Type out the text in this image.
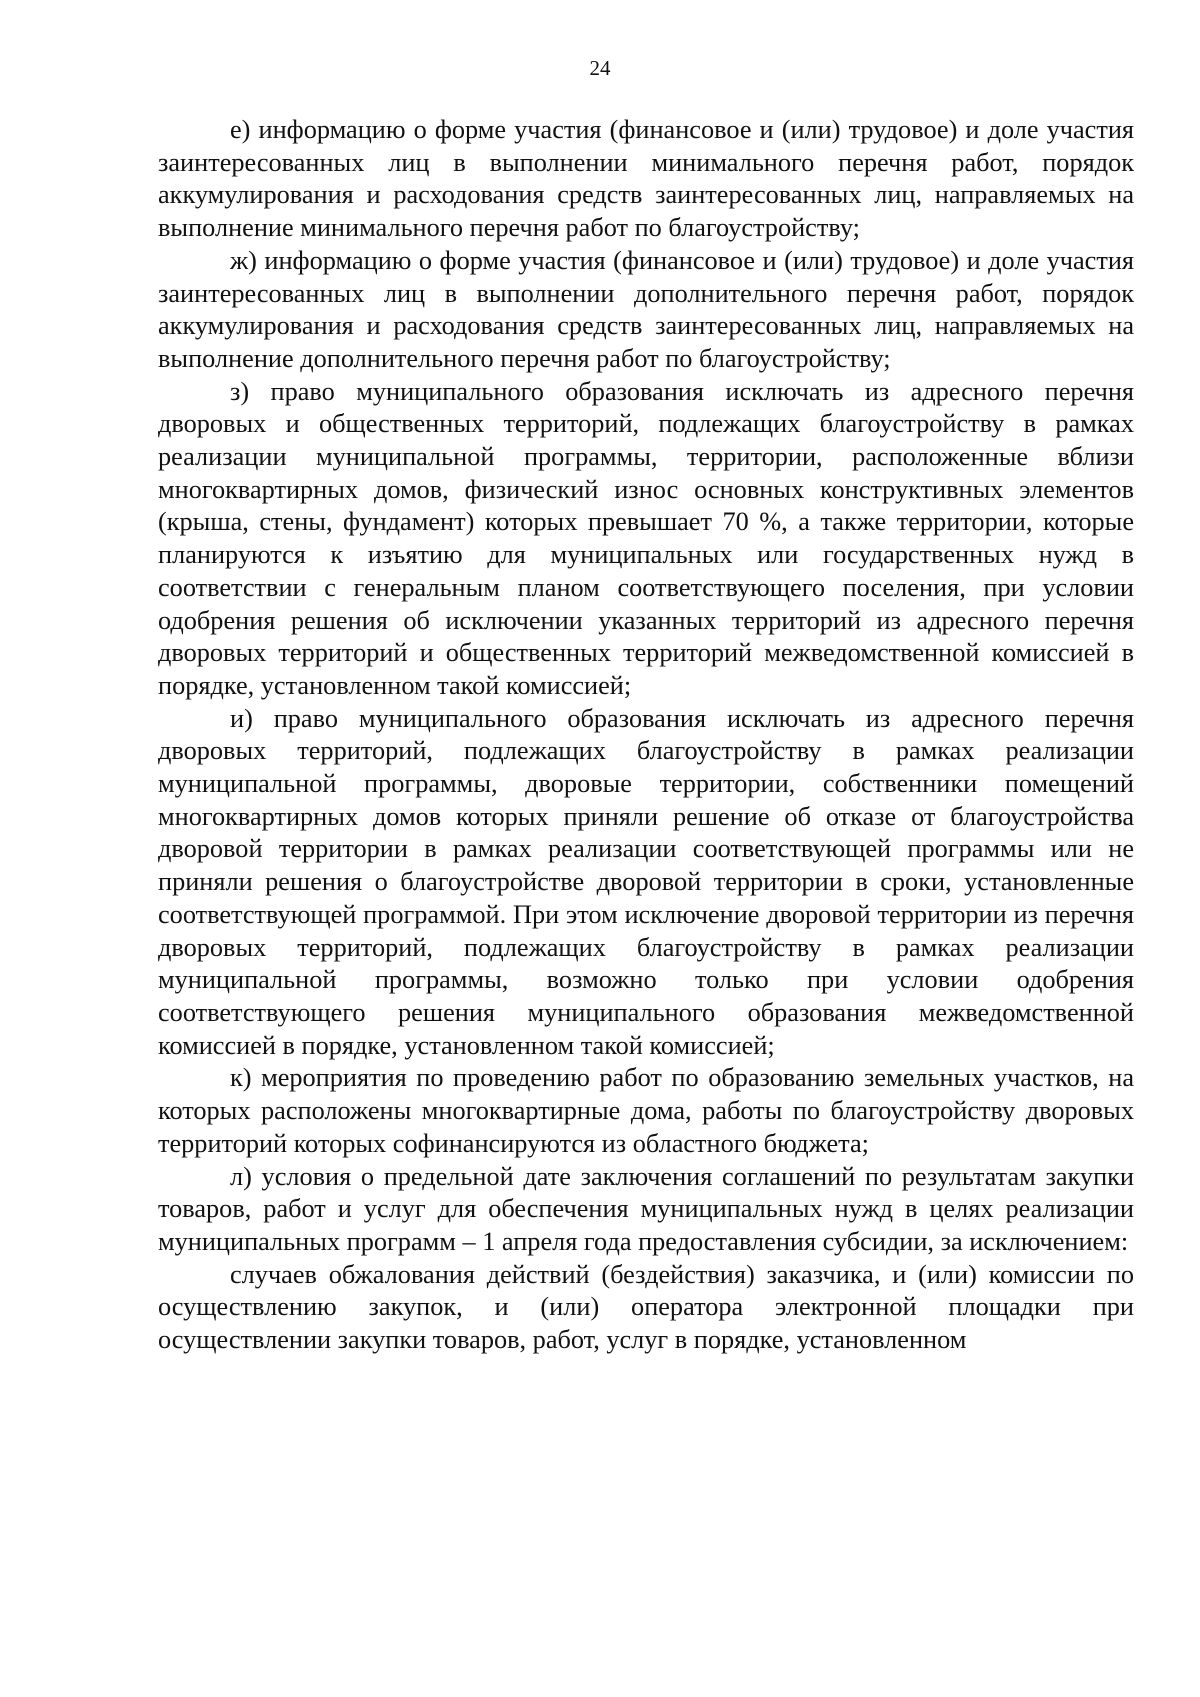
24

е) информацию о форме участия (финансовое и (или) трудовое) и доле участия заинтересованных лиц в выполнении минимального перечня работ, порядок аккумулирования и расходования средств заинтересованных лиц, направляемых на выполнение минимального перечня работ по благоустройству;

ж) информацию о форме участия (финансовое и (или) трудовое) и доле участия заинтересованных лиц в выполнении дополнительного перечня работ, порядок аккумулирования и расходования средств заинтересованных лиц, направляемых на выполнение дополнительного перечня работ по благоустройству;

з) право муниципального образования исключать из адресного перечня дворовых и общественных территорий, подлежащих благоустройству в рамках реализации муниципальной программы, территории, расположенные вблизи многоквартирных домов, физический износ основных конструктивных элементов (крыша, стены, фундамент) которых превышает 70 %, а также территории, которые планируются к изъятию для муниципальных или государственных нужд в соответствии с генеральным планом соответствующего поселения, при условии одобрения решения об исключении указанных территорий из адресного перечня дворовых территорий и общественных территорий межведомственной комиссией в порядке, установленном такой комиссией;

и) право муниципального образования исключать из адресного перечня дворовых территорий, подлежащих благоустройству в рамках реализации муниципальной программы, дворовые территории, собственники помещений многоквартирных домов которых приняли решение об отказе от благоустройства дворовой территории в рамках реализации соответствующей программы или не приняли решения о благоустройстве дворовой территории в сроки, установленные соответствующей программой. При этом исключение дворовой территории из перечня дворовых территорий, подлежащих благоустройству в рамках реализации муниципальной программы, возможно только при условии одобрения соответствующего решения муниципального образования межведомственной комиссией в порядке, установленном такой комиссией;

к) мероприятия по проведению работ по образованию земельных участков, на которых расположены многоквартирные дома, работы по благоустройству дворовых территорий которых софинансируются из областного бюджета;

л) условия о предельной дате заключения соглашений по результатам закупки товаров, работ и услуг для обеспечения муниципальных нужд в целях реализации муниципальных программ – 1 апреля года предоставления субсидии, за исключением:

случаев обжалования действий (бездействия) заказчика, и (или) комиссии по осуществлению закупок, и (или) оператора электронной площадки при осуществлении закупки товаров, работ, услуг в порядке, установленном
